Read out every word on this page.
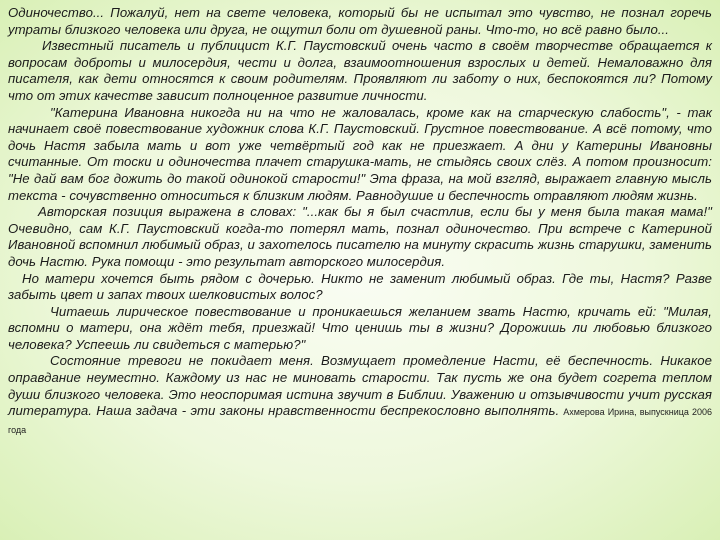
Одиночество... Пожалуй, нет на свете человека, который бы не испытал это чувство, не познал горечь утраты близкого человека или друга, не ощутил боли от душевной раны. Что-то, но всё равно было...

Известный писатель и публицист К.Г. Паустовский очень часто в своём творчестве обращается к вопросам доброты и милосердия, чести и долга, взаимоотношения взрослых и детей. Немаловажно для писателя, как дети относятся к своим родителям. Проявляют ли заботу о них, беспокоятся ли? Потому что от этих качестве зависит полноценное развитие личности.

"Катерина Ивановна никогда ни на что не жаловалась, кроме как на старческую слабость", - так начинает своё повествование художник слова К.Г. Паустовский. Грустное повествование. А всё потому, что дочь Настя забыла мать и вот уже четвёртый год как не приезжает. А дни у Катерины Ивановны считанные. От тоски и одиночества плачет старушка-мать, не стыдясь своих слёз. А потом произносит: "Не дай вам бог дожить до такой одинокой старости!" Эта фраза, на мой взгляд, выражает главную мысль текста - сочувственно относиться к близким людям. Равнодушие и беспечность отравляют людям жизнь.

Авторская позиция выражена в словах: "...как бы я был счастлив, если бы у меня была такая мама!" Очевидно, сам К.Г. Паустовский когда-то потерял мать, познал одиночество. При встрече с Катериной Ивановной вспомнил любимый образ, и захотелось писателю на минуту скрасить жизнь старушки, заменить дочь Настю. Рука помощи - это результат авторского милосердия.

Но матери хочется быть рядом с дочерью. Никто не заменит любимый образ. Где ты, Настя? Разве забыть цвет и запах твоих шелковистых волос?

Читаешь лирическое повествование и проникаешься желанием звать Настю, кричать ей: "Милая, вспомни о матери, она ждёт тебя, приезжай! Что ценишь ты в жизни? Дорожишь ли любовью близкого человека? Успеешь ли свидеться с матерью?"

Состояние тревоги не покидает меня. Возмущает промедление Насти, её беспечность. Никакое оправдание неуместно. Каждому из нас не миновать старости. Так пусть же она будет согрета теплом души близкого человека. Это неоспоримая истина звучит в Библии. Уважению и отзывчивости учит русская литература. Наша задача - эти законы нравственности беспрекословно выполнять. Ахмерова Ирина, выпускница 2006 года
